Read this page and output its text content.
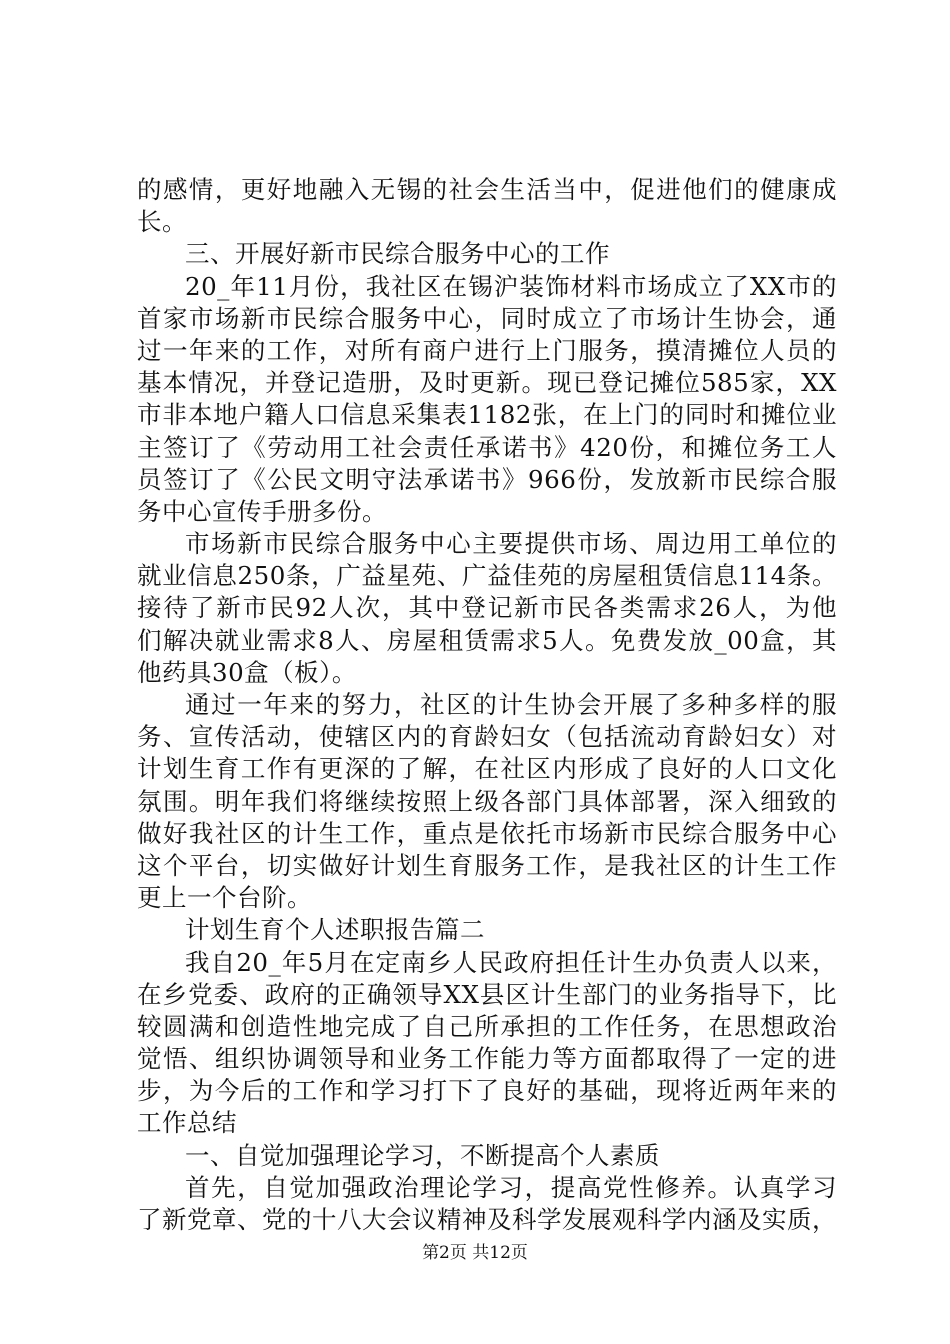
的感情，更好地融入无锡的社会生活当中，促进他们的健康成
长。
三、开展好新市民综合服务中心的工作
20_年11月份，我社区在锡沪装饰材料市场成立了XX市的
首家市场新市民综合服务中心，同时成立了市场计生协会，通
过一年来的工作，对所有商户进行上门服务，摸清摊位人员的
基本情况，并登记造册，及时更新。现已登记摊位585家，XX
市非本地户籍人口信息采集表1182张，在上门的同时和摊位业
主签订了《劳动用工社会责任承诺书》420份，和摊位务工人
员签订了《公民文明守法承诺书》966份，发放新市民综合服
务中心宣传手册多份。
市场新市民综合服务中心主要提供市场、周边用工单位的
就业信息250条，广益星苑、广益佳苑的房屋租赁信息114条。
接待了新市民92人次，其中登记新市民各类需求26人，为他
们解决就业需求8人、房屋租赁需求5人。免费发放_00盒，其
他药具30盒（板）。
通过一年来的努力，社区的计生协会开展了多种多样的服
务、宣传活动，使辖区内的育龄妇女（包括流动育龄妇女）对
计划生育工作有更深的了解，在社区内形成了良好的人口文化
氛围。明年我们将继续按照上级各部门具体部署，深入细致的
做好我社区的计生工作，重点是依托市场新市民综合服务中心
这个平台，切实做好计划生育服务工作，是我社区的计生工作
更上一个台阶。
计划生育个人述职报告篇二
我自20_年5月在定南乡人民政府担任计生办负责人以来，
在乡党委、政府的正确领导XX县区计生部门的业务指导下，比
较圆满和创造性地完成了自己所承担的工作任务，在思想政治
觉悟、组织协调领导和业务工作能力等方面都取得了一定的进
步，为今后的工作和学习打下了良好的基础，现将近两年来的
工作总结
一、自觉加强理论学习，不断提高个人素质
首先，自觉加强政治理论学习，提高党性修养。认真学习
了新党章、党的十八大会议精神及科学发展观科学内涵及实质，
第2页 共12页
